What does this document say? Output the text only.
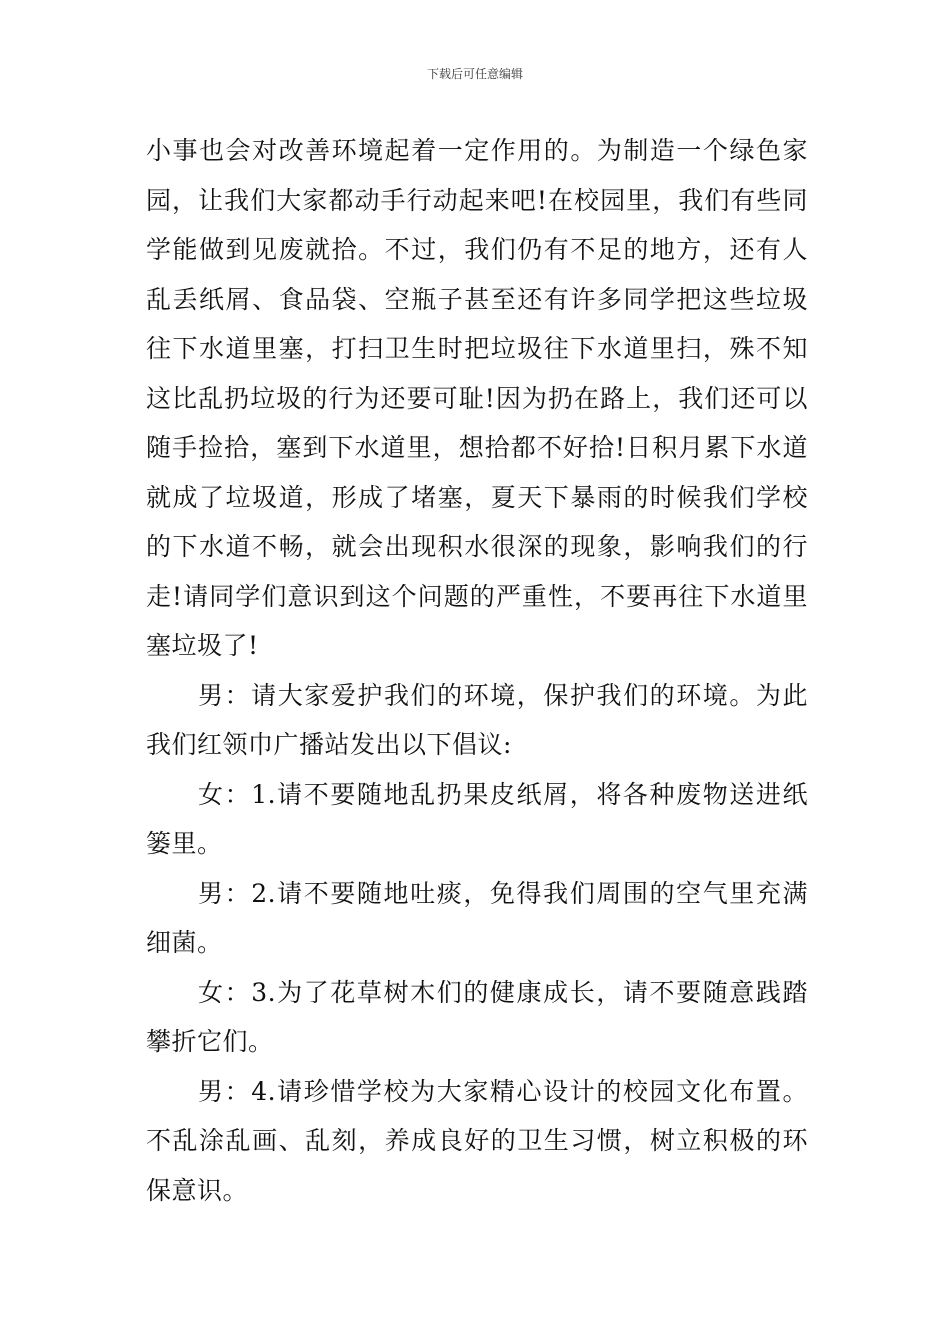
下载后可任意编辑

小事也会对改善环境起着一定作用的。为制造一个绿色家园，让我们大家都动手行动起来吧!在校园里，我们有些同学能做到见废就拾。不过，我们仍有不足的地方，还有人乱丢纸屑、食品袋、空瓶子甚至还有许多同学把这些垃圾往下水道里塞，打扫卫生时把垃圾往下水道里扫，殊不知这比乱扔垃圾的行为还要可耻!因为扔在路上，我们还可以随手捡拾，塞到下水道里，想拾都不好拾!日积月累下水道就成了垃圾道，形成了堵塞，夏天下暴雨的时候我们学校的下水道不畅，就会出现积水很深的现象，影响我们的行走!请同学们意识到这个问题的严重性，不要再往下水道里塞垃圾了!

男：请大家爱护我们的环境，保护我们的环境。为此我们红领巾广播站发出以下倡议:

女：1.请不要随地乱扔果皮纸屑，将各种废物送进纸篓里。

男：2.请不要随地吐痰，免得我们周围的空气里充满细菌。

女：3.为了花草树木们的健康成长，请不要随意践踏攀折它们。

男：4.请珍惜学校为大家精心设计的校园文化布置。不乱涂乱画、乱刻，养成良好的卫生习惯，树立积极的环保意识。
